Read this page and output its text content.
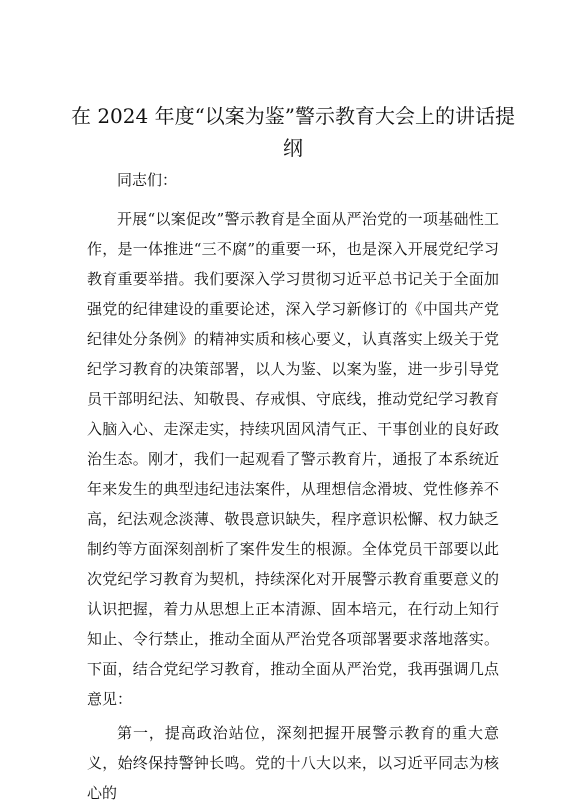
在 2024 年度“以案为鉴”警示教育大会上的讲话提纲

同志们：

开展“以案促改”警示教育是全面从严治党的一项基础性工作，是一体推进“三不腐”的重要一环，也是深入开展党纪学习教育重要举措。我们要深入学习贯彻习近平总书记关于全面加强党的纪律建设的重要论述，深入学习新修订的《中国共产党纪律处分条例》的精神实质和核心要义，认真落实上级关于党纪学习教育的决策部署，以人为鉴、以案为鉴，进一步引导党员干部明纪法、知敬畏、存戒惧、守底线，推动党纪学习教育入脑入心、走深走实，持续巩固风清气正、干事创业的良好政治生态。刚才，我们一起观看了警示教育片，通报了本系统近年来发生的典型违纪违法案件，从理想信念滑坡、党性修养不高，纪法观念淡薄、敬畏意识缺失，程序意识松懈、权力缺乏制约等方面深刻剖析了案件发生的根源。全体党员干部要以此次党纪学习教育为契机，持续深化对开展警示教育重要意义的认识把握，着力从思想上正本清源、固本培元，在行动上知行知止、令行禁止，推动全面从严治党各项部署要求落地落实。下面，结合党纪学习教育，推动全面从严治党，我再强调几点意见：

第一，提高政治站位，深刻把握开展警示教育的重大意义，始终保持警钟长鸣。党的十八大以来，以习近平同志为核心的
